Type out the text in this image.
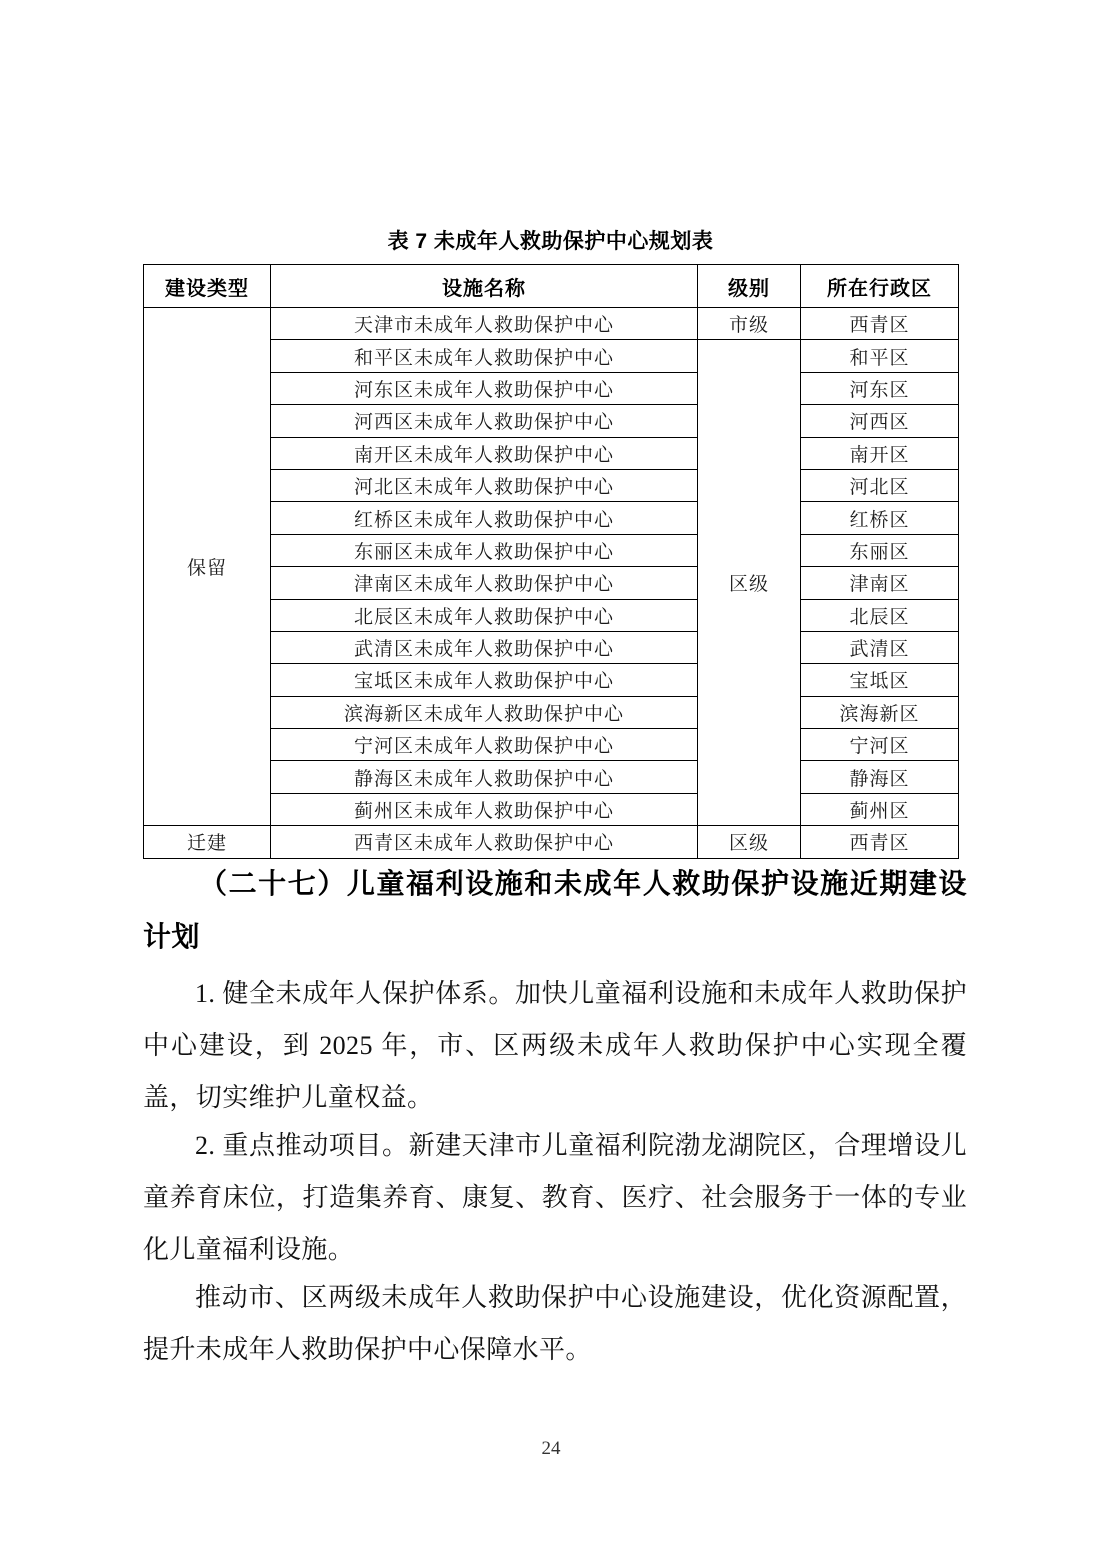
表 7 未成年人救助保护中心规划表
建设类型	设施名称	级别	所在行政区
保留	天津市未成年人救助保护中心	市级	西青区
	和平区未成年人救助保护中心	区级	和平区
	河东区未成年人救助保护中心		河东区
	河西区未成年人救助保护中心		河西区
	南开区未成年人救助保护中心		南开区
	河北区未成年人救助保护中心		河北区
	红桥区未成年人救助保护中心		红桥区
	东丽区未成年人救助保护中心		东丽区
	津南区未成年人救助保护中心		津南区
	北辰区未成年人救助保护中心		北辰区
	武清区未成年人救助保护中心		武清区
	宝坻区未成年人救助保护中心		宝坻区
	滨海新区未成年人救助保护中心		滨海新区
	宁河区未成年人救助保护中心		宁河区
	静海区未成年人救助保护中心		静海区
	蓟州区未成年人救助保护中心		蓟州区
迁建	西青区未成年人救助保护中心	区级	西青区
（二十七）儿童福利设施和未成年人救助保护设施近期建设计划
1. 健全未成年人保护体系。加快儿童福利设施和未成年人救助保护中心建设，到 2025 年，市、区两级未成年人救助保护中心实现全覆盖，切实维护儿童权益。
2. 重点推动项目。新建天津市儿童福利院渤龙湖院区，合理增设儿童养育床位，打造集养育、康复、教育、医疗、社会服务于一体的专业化儿童福利设施。
推动市、区两级未成年人救助保护中心设施建设，优化资源配置，提升未成年人救助保护中心保障水平。
24
